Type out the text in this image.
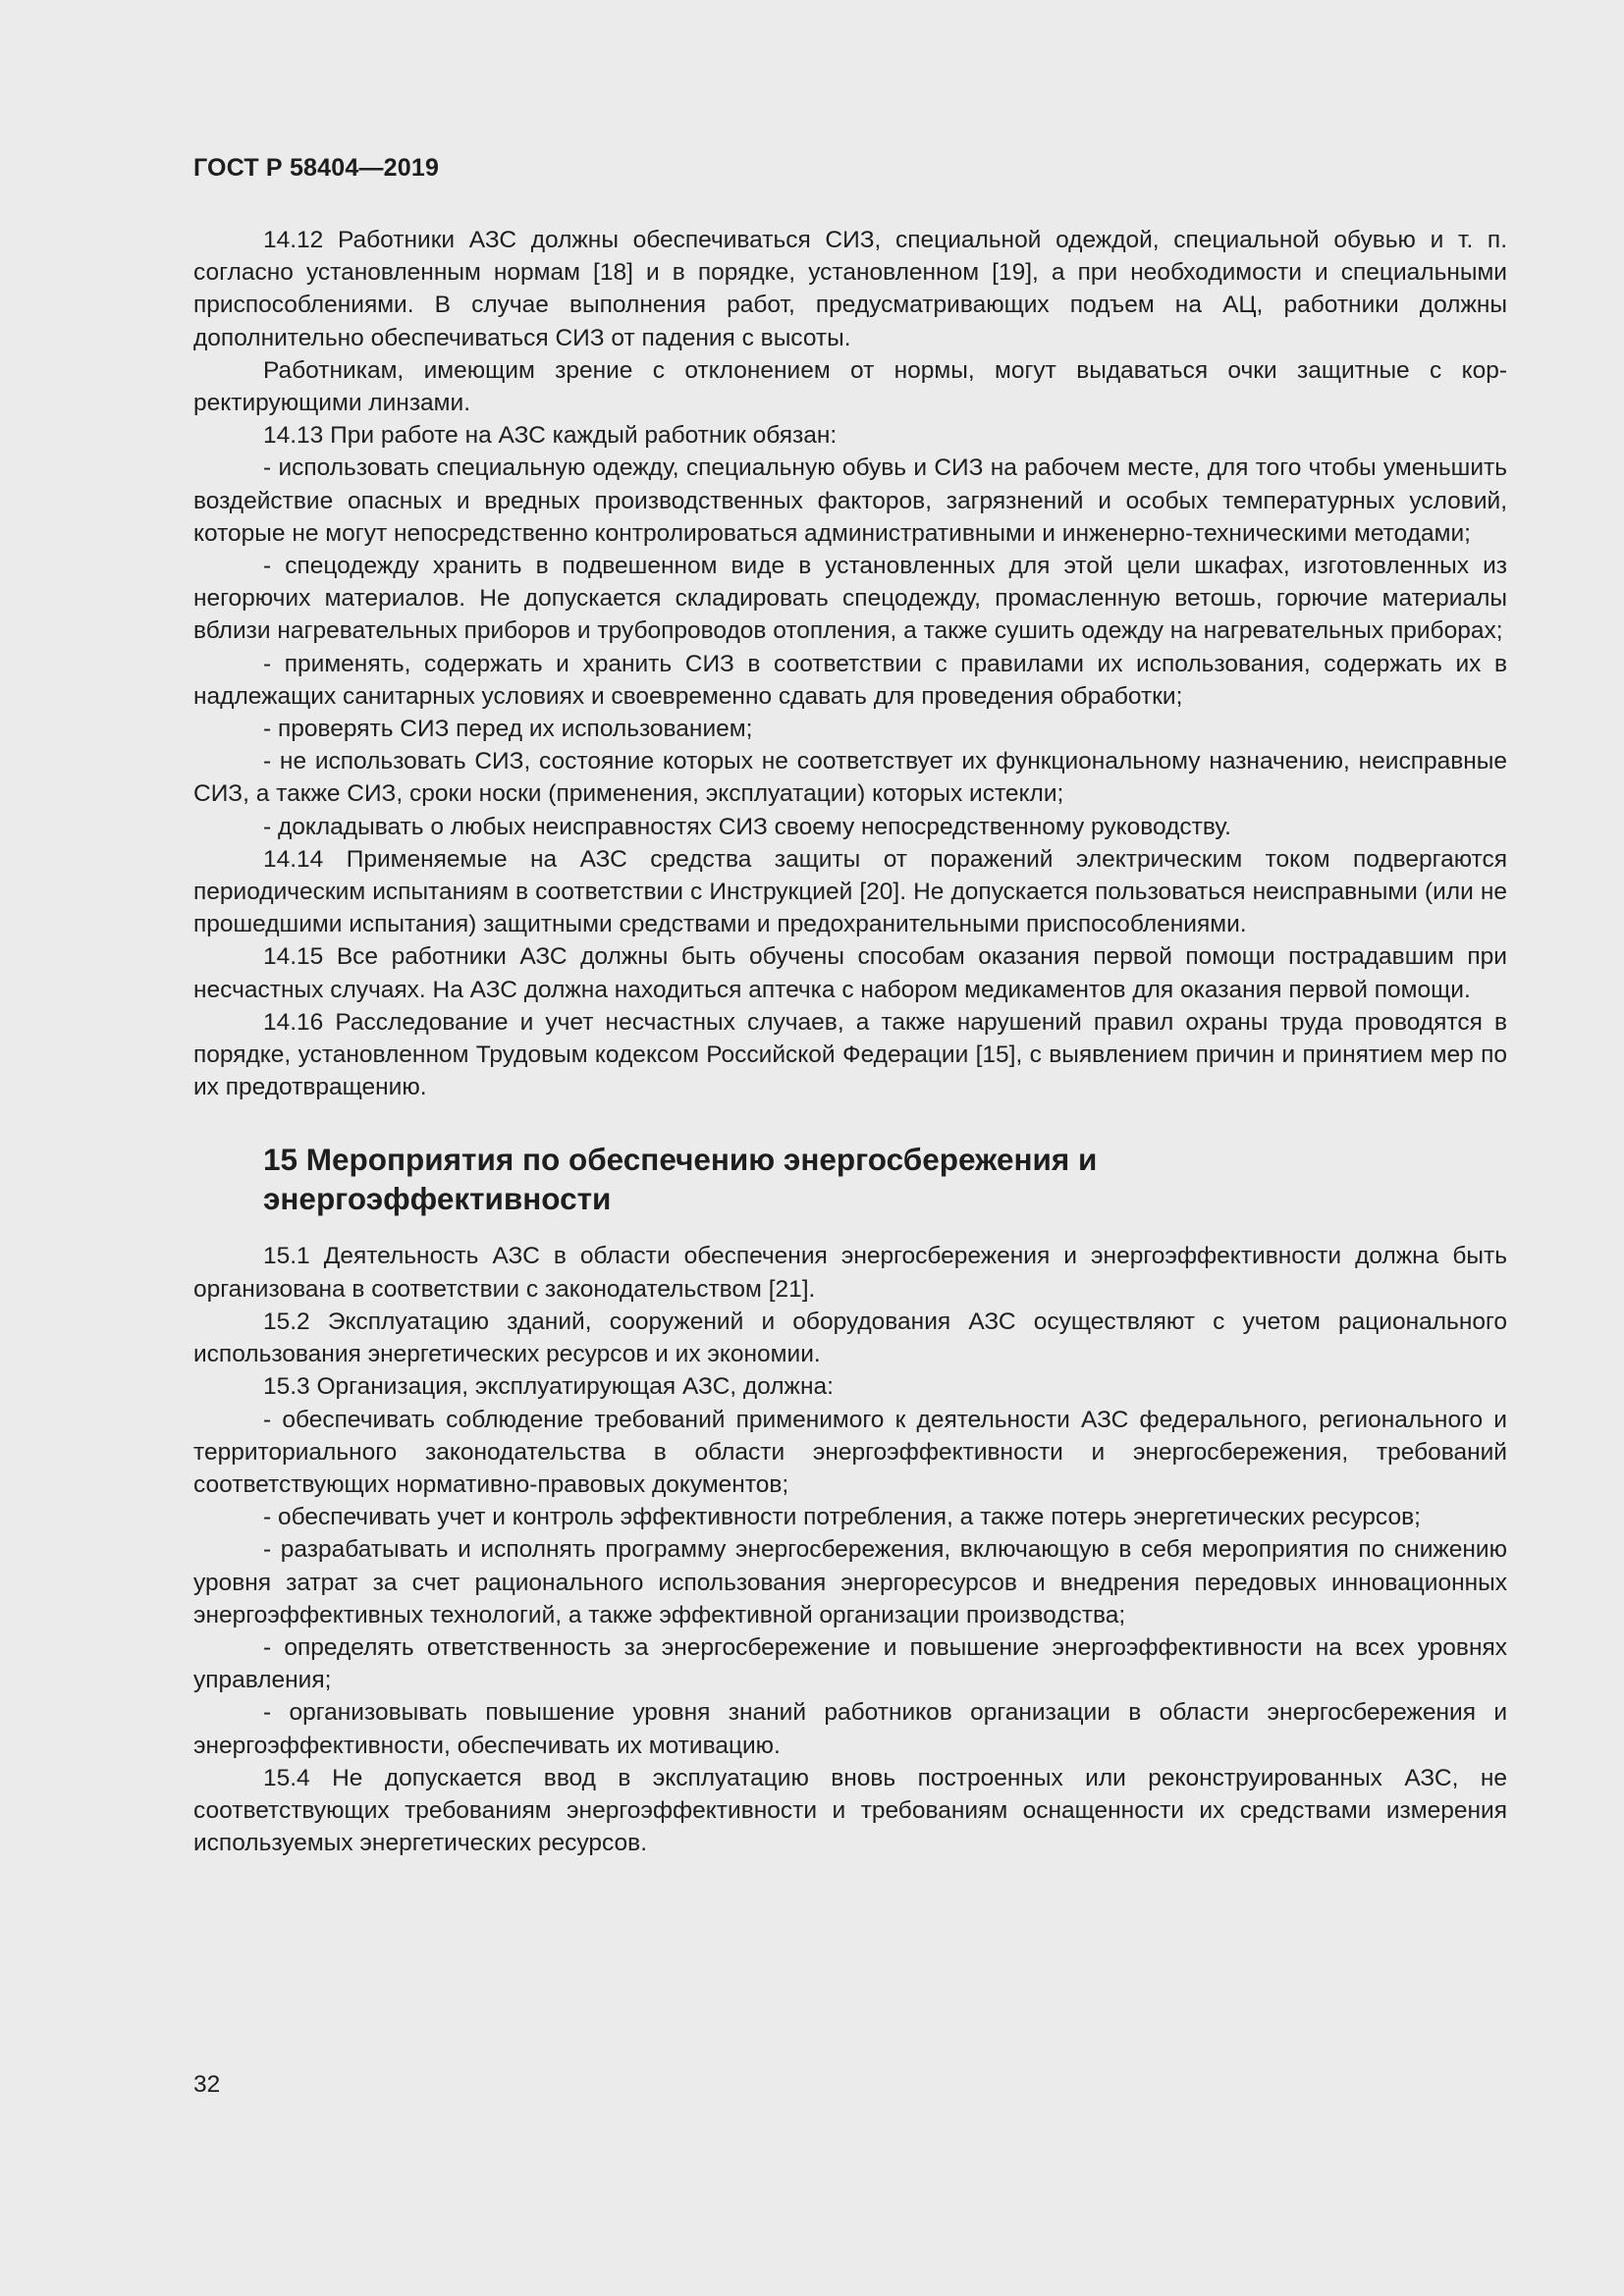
ГОСТ Р 58404—2019

14.12 Работники АЗС должны обеспечиваться СИЗ, специальной одеждой, специальной обувью и т. п. согласно установленным нормам [18] и в порядке, установленном [19], а при необходимости и специальными приспособлениями. В случае выполнения работ, предусматривающих подъем на АЦ, работники должны дополнительно обеспечиваться СИЗ от падения с высоты.

Работникам, имеющим зрение с отклонением от нормы, могут выдаваться очки защитные с корректирующими линзами.

14.13 При работе на АЗС каждый работник обязан:

- использовать специальную одежду, специальную обувь и СИЗ на рабочем месте, для того чтобы уменьшить воздействие опасных и вредных производственных факторов, загрязнений и особых температурных условий, которые не могут непосредственно контролироваться административными и инженерно-техническими методами;

- спецодежду хранить в подвешенном виде в установленных для этой цели шкафах, изготовленных из негорючих материалов. Не допускается складировать спецодежду, промасленную ветошь, горючие материалы вблизи нагревательных приборов и трубопроводов отопления, а также сушить одежду на нагревательных приборах;

- применять, содержать и хранить СИЗ в соответствии с правилами их использования, содержать их в надлежащих санитарных условиях и своевременно сдавать для проведения обработки;

- проверять СИЗ перед их использованием;

- не использовать СИЗ, состояние которых не соответствует их функциональному назначению, неисправные СИЗ, а также СИЗ, сроки носки (применения, эксплуатации) которых истекли;

- докладывать о любых неисправностях СИЗ своему непосредственному руководству.

14.14 Применяемые на АЗС средства защиты от поражений электрическим током подвергаются периодическим испытаниям в соответствии с Инструкцией [20]. Не допускается пользоваться неисправными (или не прошедшими испытания) защитными средствами и предохранительными приспособлениями.

14.15 Все работники АЗС должны быть обучены способам оказания первой помощи пострадавшим при несчастных случаях. На АЗС должна находиться аптечка с набором медикаментов для оказания первой помощи.

14.16 Расследование и учет несчастных случаев, а также нарушений правил охраны труда проводятся в порядке, установленном Трудовым кодексом Российской Федерации [15], с выявлением причин и принятием мер по их предотвращению.

15 Мероприятия по обеспечению энергосбережения и
энергоэффективности

15.1 Деятельность АЗС в области обеспечения энергосбережения и энергоэффективности должна быть организована в соответствии с законодательством [21].

15.2 Эксплуатацию зданий, сооружений и оборудования АЗС осуществляют с учетом рационального использования энергетических ресурсов и их экономии.

15.3 Организация, эксплуатирующая АЗС, должна:

- обеспечивать соблюдение требований применимого к деятельности АЗС федерального, регионального и территориального законодательства в области энергоэффективности и энергосбережения, требований соответствующих нормативно-правовых документов;

- обеспечивать учет и контроль эффективности потребления, а также потерь энергетических ресурсов;

- разрабатывать и исполнять программу энергосбережения, включающую в себя мероприятия по снижению уровня затрат за счет рационального использования энергоресурсов и внедрения передовых инновационных энергоэффективных технологий, а также эффективной организации производства;

- определять ответственность за энергосбережение и повышение энергоэффективности на всех уровнях управления;

- организовывать повышение уровня знаний работников организации в области энергосбережения и энергоэффективности, обеспечивать их мотивацию.

15.4 Не допускается ввод в эксплуатацию вновь построенных или реконструированных АЗС, не соответствующих требованиям энергоэффективности и требованиям оснащенности их средствами измерения используемых энергетических ресурсов.

32
